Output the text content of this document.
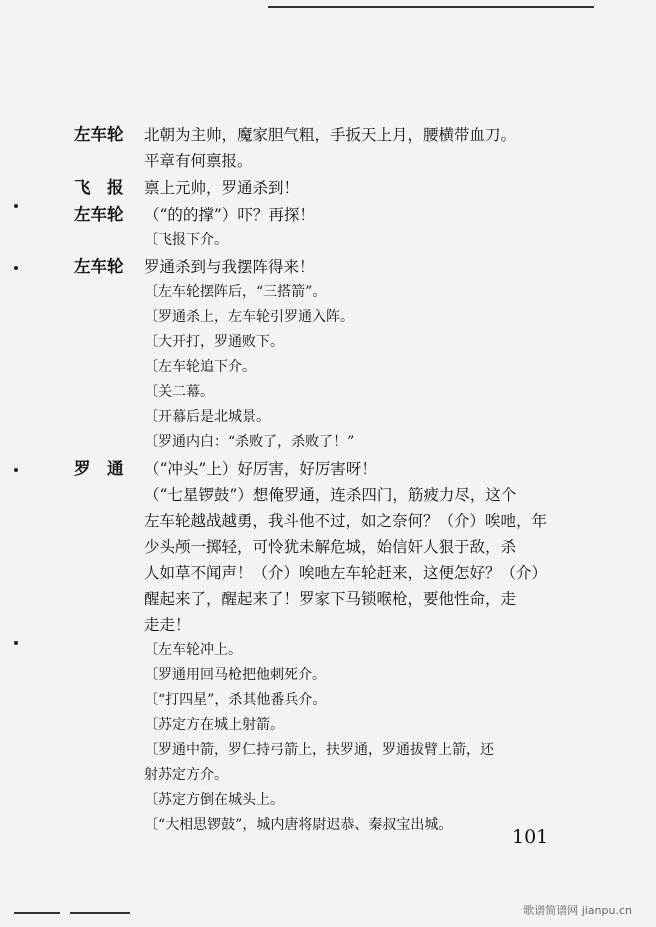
左车轮	北朝为主帅，魔家胆气粗，手扳天上月，腰横带血刀。
平章有何禀报。
飞　报	禀上元帅，罗通杀到！
左车轮	（“的的撑”）吓？再探！
〔飞报下介。
左车轮	罗通杀到与我摆阵得来！
〔左车轮摆阵后，“三搭箭”。
〔罗通杀上，左车轮引罗通入阵。
〔大开打，罗通败下。
〔左车轮追下介。
〔关二幕。
〔开幕后是北城景。
〔罗通内白：“杀败了，杀败了！”
罗　通	（“冲头”上）好厉害，好厉害呀！
（“七星锣鼓”）想俺罗通，连杀四门，筋疲力尽，这个
左车轮越战越勇，我斗他不过，如之奈何？（介）唉吔，年
少头颅一掷轻，可怜犹未解危城，始信奸人狠于敌，杀
人如草不闻声！（介）唉吔左车轮赶来，这便怎好？（介）
醒起来了，醒起来了！罗家下马锁喉枪，要他性命，走
走走！
〔左车轮冲上。
〔罗通用回马枪把他刺死介。
〔“打四星”，杀其他番兵介。
〔苏定方在城上射箭。
〔罗通中箭，罗仁持弓箭上，扶罗通，罗通拔臂上箭，还
射苏定方介。
〔苏定方倒在城头上。
〔“大相思锣鼓”，城内唐将尉迟恭、秦叔宝出城。
101
歌谱简谱网 jianpu.cn
